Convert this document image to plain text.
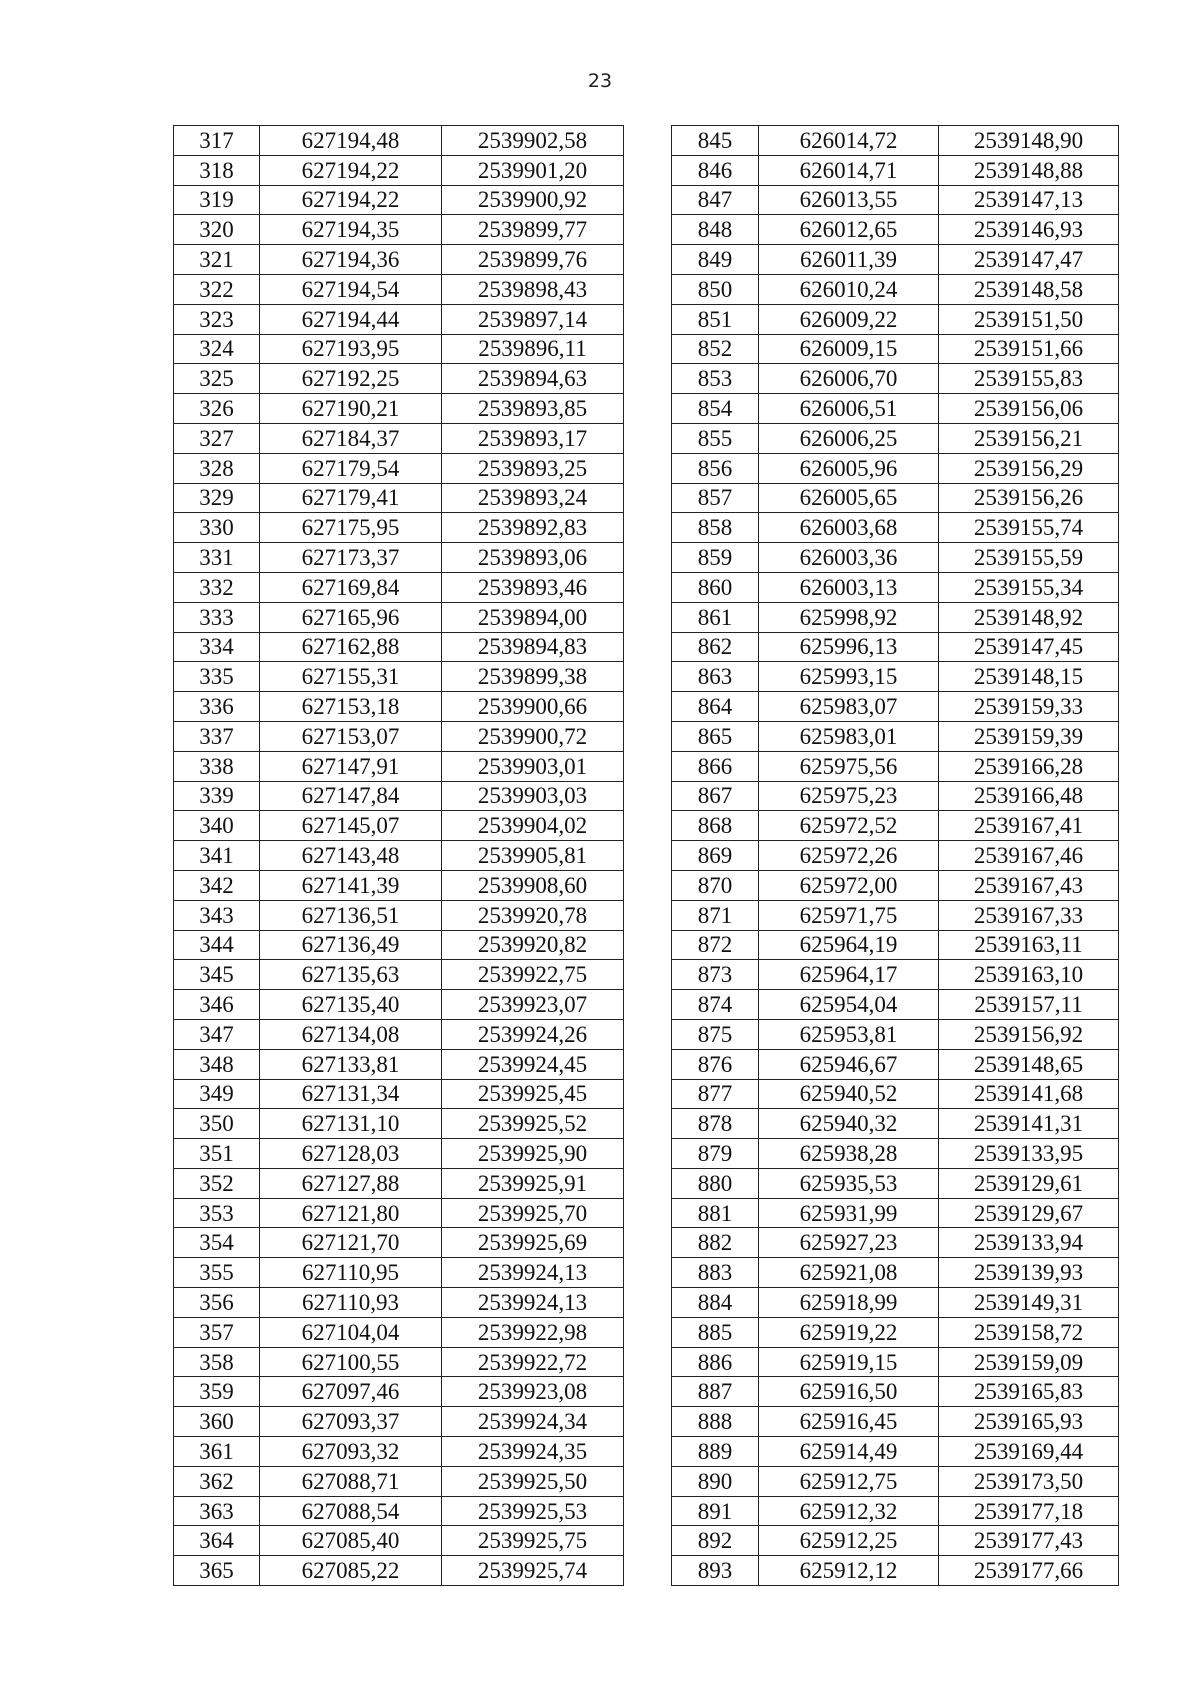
23
317	627194,48	2539902,58		845	626014,72	2539148,90
318	627194,22	2539901,20		846	626014,71	2539148,88
319	627194,22	2539900,92		847	626013,55	2539147,13
320	627194,35	2539899,77		848	626012,65	2539146,93
321	627194,36	2539899,76		849	626011,39	2539147,47
322	627194,54	2539898,43		850	626010,24	2539148,58
323	627194,44	2539897,14		851	626009,22	2539151,50
324	627193,95	2539896,11		852	626009,15	2539151,66
325	627192,25	2539894,63		853	626006,70	2539155,83
326	627190,21	2539893,85		854	626006,51	2539156,06
327	627184,37	2539893,17		855	626006,25	2539156,21
328	627179,54	2539893,25		856	626005,96	2539156,29
329	627179,41	2539893,24		857	626005,65	2539156,26
330	627175,95	2539892,83		858	626003,68	2539155,74
331	627173,37	2539893,06		859	626003,36	2539155,59
332	627169,84	2539893,46		860	626003,13	2539155,34
333	627165,96	2539894,00		861	625998,92	2539148,92
334	627162,88	2539894,83		862	625996,13	2539147,45
335	627155,31	2539899,38		863	625993,15	2539148,15
336	627153,18	2539900,66		864	625983,07	2539159,33
337	627153,07	2539900,72		865	625983,01	2539159,39
338	627147,91	2539903,01		866	625975,56	2539166,28
339	627147,84	2539903,03		867	625975,23	2539166,48
340	627145,07	2539904,02		868	625972,52	2539167,41
341	627143,48	2539905,81		869	625972,26	2539167,46
342	627141,39	2539908,60		870	625972,00	2539167,43
343	627136,51	2539920,78		871	625971,75	2539167,33
344	627136,49	2539920,82		872	625964,19	2539163,11
345	627135,63	2539922,75		873	625964,17	2539163,10
346	627135,40	2539923,07		874	625954,04	2539157,11
347	627134,08	2539924,26		875	625953,81	2539156,92
348	627133,81	2539924,45		876	625946,67	2539148,65
349	627131,34	2539925,45		877	625940,52	2539141,68
350	627131,10	2539925,52		878	625940,32	2539141,31
351	627128,03	2539925,90		879	625938,28	2539133,95
352	627127,88	2539925,91		880	625935,53	2539129,61
353	627121,80	2539925,70		881	625931,99	2539129,67
354	627121,70	2539925,69		882	625927,23	2539133,94
355	627110,95	2539924,13		883	625921,08	2539139,93
356	627110,93	2539924,13		884	625918,99	2539149,31
357	627104,04	2539922,98		885	625919,22	2539158,72
358	627100,55	2539922,72		886	625919,15	2539159,09
359	627097,46	2539923,08		887	625916,50	2539165,83
360	627093,37	2539924,34		888	625916,45	2539165,93
361	627093,32	2539924,35		889	625914,49	2539169,44
362	627088,71	2539925,50		890	625912,75	2539173,50
363	627088,54	2539925,53		891	625912,32	2539177,18
364	627085,40	2539925,75		892	625912,25	2539177,43
365	627085,22	2539925,74		893	625912,12	2539177,66
